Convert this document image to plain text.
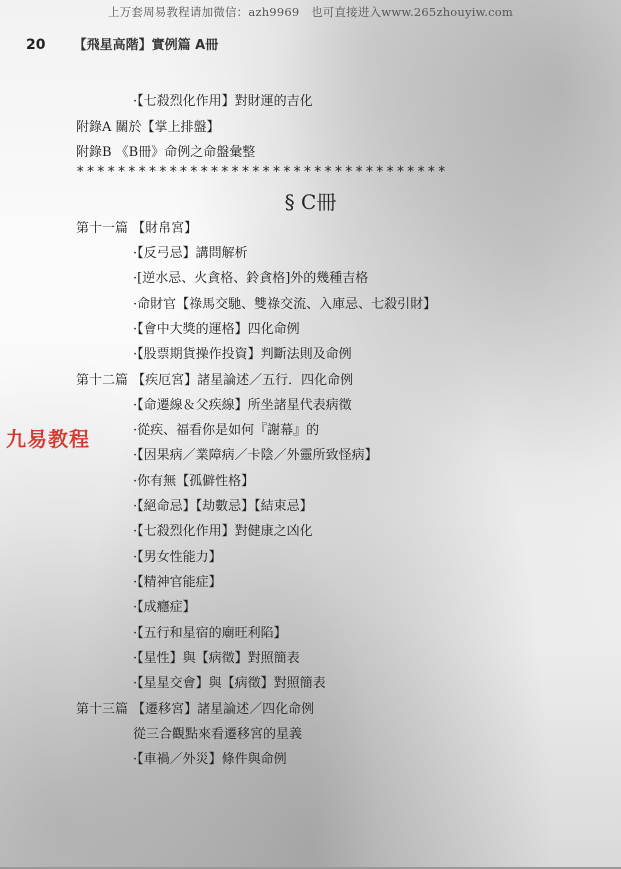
上万套周易教程请加微信：azh9969　也可直接进入www.265zhouyiw.com
20 【飛星高階】實例篇 A冊
·【七殺烈化作用】對財運的吉化
附錄A 關於【掌上排盤】
附錄B 《B冊》命例之命盤彙整
************************************
§ C冊
第十一篇 【財帛宮】
·【反弓忌】講問解析
·[逆水忌、火貪格、鈴貪格]外的幾種吉格
·命財官【祿馬交馳、雙祿交流、入庫忌、七殺引財】
·【會中大獎的運格】四化命例
·【股票期貨操作投資】判斷法則及命例
第十二篇 【疾厄宮】諸星論述／五行．四化命例
·【命遷線＆父疾線】所坐諸星代表病徵
·從疾、福看你是如何『謝幕』的
·【因果病／業障病／卡陰／外靈所致怪病】
·你有無【孤僻性格】
·【絕命忌】【劫數忌】【結束忌】
·【七殺烈化作用】對健康之凶化
·【男女性能力】
·【精神官能症】
·【成癮症】
·【五行和星宿的廟旺利陷】
·【星性】與【病徵】對照簡表
·【星星交會】與【病徵】對照簡表
第十三篇 【遷移宮】諸星論述／四化命例
從三合觀點來看遷移宮的星義
·【車禍／外災】條件與命例
九易教程
